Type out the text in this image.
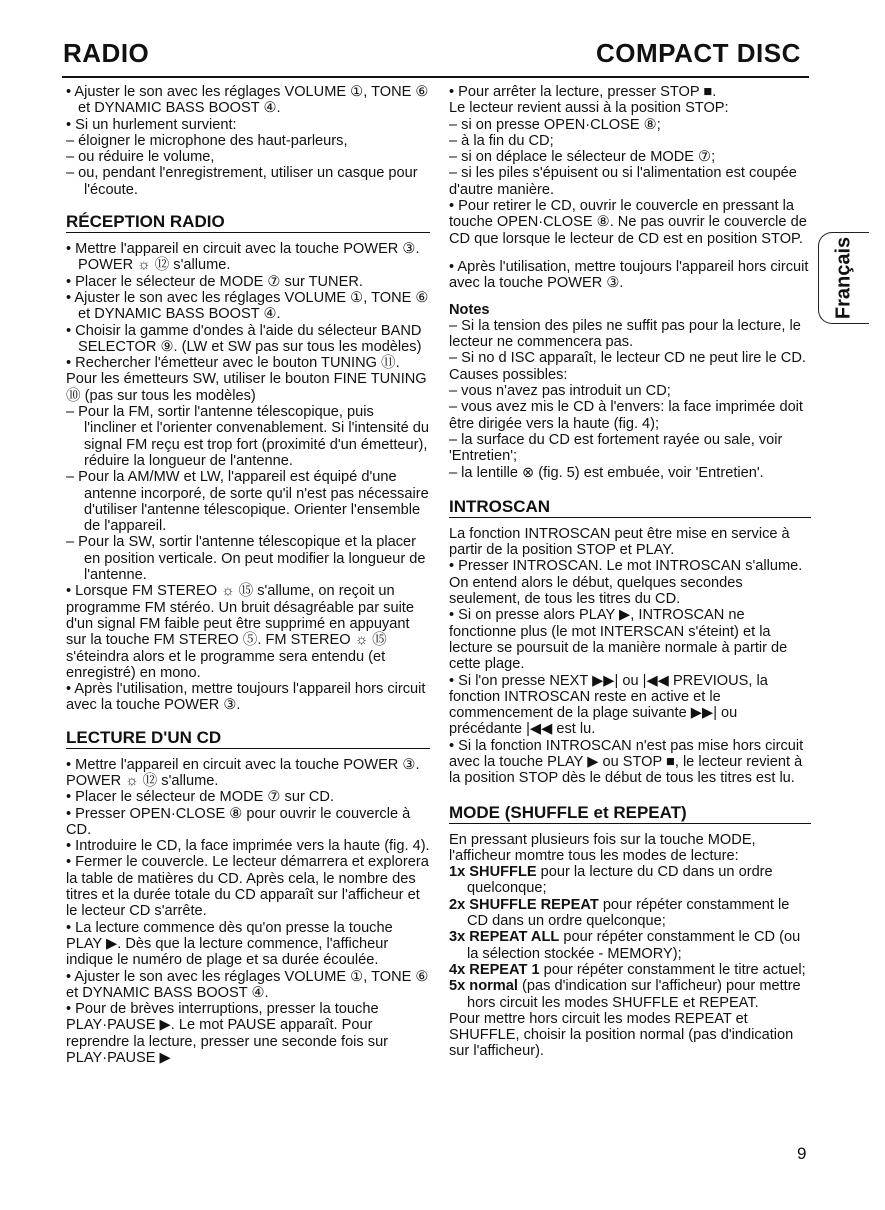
RADIO	COMPACT DISC

• Ajuster le son avec les réglages VOLUME ①, TONE ⑥ et DYNAMIC BASS BOOST ④.

• Si un hurlement survient:

– éloigner le microphone des haut-parleurs,

– ou réduire le volume,

– ou, pendant l'enregistrement, utiliser un casque pour l'écoute.

RÉCEPTION RADIO

• Mettre l'appareil en circuit avec la touche POWER ③. POWER ☼ ⑫ s'allume.

• Placer le sélecteur de MODE ⑦ sur TUNER.

• Ajuster le son avec les réglages VOLUME ①, TONE ⑥ et DYNAMIC BASS BOOST ④.

• Choisir la gamme d'ondes à l'aide du sélecteur BAND SELECTOR ⑨. (LW et SW pas sur tous les modèles)

• Rechercher l'émetteur avec le bouton TUNING ⑪. Pour les émetteurs SW, utiliser le bouton FINE TUNING ⑩ (pas sur tous les modèles)

– Pour la FM, sortir l'antenne télescopique, puis l'incliner et l'orienter convenablement. Si l'intensité du signal FM reçu est trop fort (proximité d'un émetteur), réduire la longueur de l'antenne.

– Pour la AM/MW et LW, l'appareil est équipé d'une antenne incorporé, de sorte qu'il n'est pas nécessaire d'utiliser l'antenne télescopique. Orienter l'ensemble de l'appareil.

– Pour la SW, sortir l'antenne télescopique et la placer en position verticale. On peut modifier la longueur de l'antenne.

• Lorsque FM STEREO ☼ ⑮ s'allume, on reçoit un programme FM stéréo. Un bruit désagréable par suite d'un signal FM faible peut être supprimé en appuyant sur la touche FM STEREO ⑤. FM STEREO ☼ ⑮ s'éteindra alors et le programme sera entendu (et enregistré) en mono.

• Après l'utilisation, mettre toujours l'appareil hors circuit avec la touche POWER ③.

LECTURE D'UN CD

• Mettre l'appareil en circuit avec la touche POWER ③. POWER ☼ ⑫ s'allume.

• Placer le sélecteur de MODE ⑦ sur CD.

• Presser OPEN·CLOSE ⑧ pour ouvrir le couvercle à CD.

• Introduire le CD, la face imprimée vers la haute (fig. 4).

• Fermer le couvercle. Le lecteur démarrera et explorera la table de matières du CD. Après cela, le nombre des titres et la durée totale du CD apparaît sur l'afficheur et le lecteur CD s'arrête.

• La lecture commence dès qu'on presse la touche PLAY ▶. Dès que la lecture commence, l'afficheur indique le numéro de plage et sa durée écoulée.

• Ajuster le son avec les réglages VOLUME ①, TONE ⑥ et DYNAMIC BASS BOOST ④.

• Pour de brèves interruptions, presser la touche PLAY·PAUSE ▶. Le mot PAUSE apparaît. Pour reprendre la lecture, presser une seconde fois sur PLAY·PAUSE ▶

• Pour arrêter la lecture, presser STOP ■.

Le lecteur revient aussi à la position STOP:

– si on presse OPEN·CLOSE ⑧;

– à la fin du CD;

– si on déplace le sélecteur de MODE ⑦;

– si les piles s'épuisent ou si l'alimentation est coupée d'autre manière.

• Pour retirer le CD, ouvrir le couvercle en pressant la touche OPEN·CLOSE ⑧. Ne pas ouvrir le couvercle de CD que lorsque le lecteur de CD est en position STOP.

• Après l'utilisation, mettre toujours l'appareil hors circuit avec la touche POWER ③.

Notes

– Si la tension des piles ne suffit pas pour la lecture, le lecteur ne commencera pas.

– Si no d ISC apparaît, le lecteur CD ne peut lire le CD. Causes possibles:

– vous n'avez pas introduit un CD;

– vous avez mis le CD à l'envers: la face imprimée doit être dirigée vers la haute (fig. 4);

– la surface du CD est fortement rayée ou sale, voir 'Entretien';

– la lentille ⊗ (fig. 5) est embuée, voir 'Entretien'.

INTROSCAN

La fonction INTROSCAN peut être mise en service à partir de la position STOP et PLAY.

• Presser INTROSCAN. Le mot INTROSCAN s'allume. On entend alors le début, quelques secondes seulement, de tous les titres du CD.

• Si on presse alors PLAY ▶, INTROSCAN ne fonctionne plus (le mot INTERSCAN s'éteint) et la lecture se poursuit de la manière normale à partir de cette plage.

• Si l'on presse NEXT ▶▶| ou |◀◀ PREVIOUS, la fonction INTROSCAN reste en active et le commencement de la plage suivante ▶▶| ou précédante |◀◀ est lu.

• Si la fonction INTROSCAN n'est pas mise hors circuit avec la touche PLAY ▶ ou STOP ■, le lecteur revient à la position STOP dès le début de tous les titres est lu.

MODE (SHUFFLE et REPEAT)

En pressant plusieurs fois sur la touche MODE, l'afficheur momtre tous les modes de lecture:

1x SHUFFLE pour la lecture du CD dans un ordre quelconque;

2x SHUFFLE REPEAT pour répéter constamment le CD dans un ordre quelconque;

3x REPEAT ALL pour répéter constamment le CD (ou la sélection stockée - MEMORY);

4x REPEAT 1 pour répéter constamment le titre actuel;

5x normal (pas d'indication sur l'afficheur) pour mettre hors circuit les modes SHUFFLE et REPEAT.

Pour mettre hors circuit les modes REPEAT et SHUFFLE, choisir la position normal (pas d'indication sur l'afficheur).

Français
9
